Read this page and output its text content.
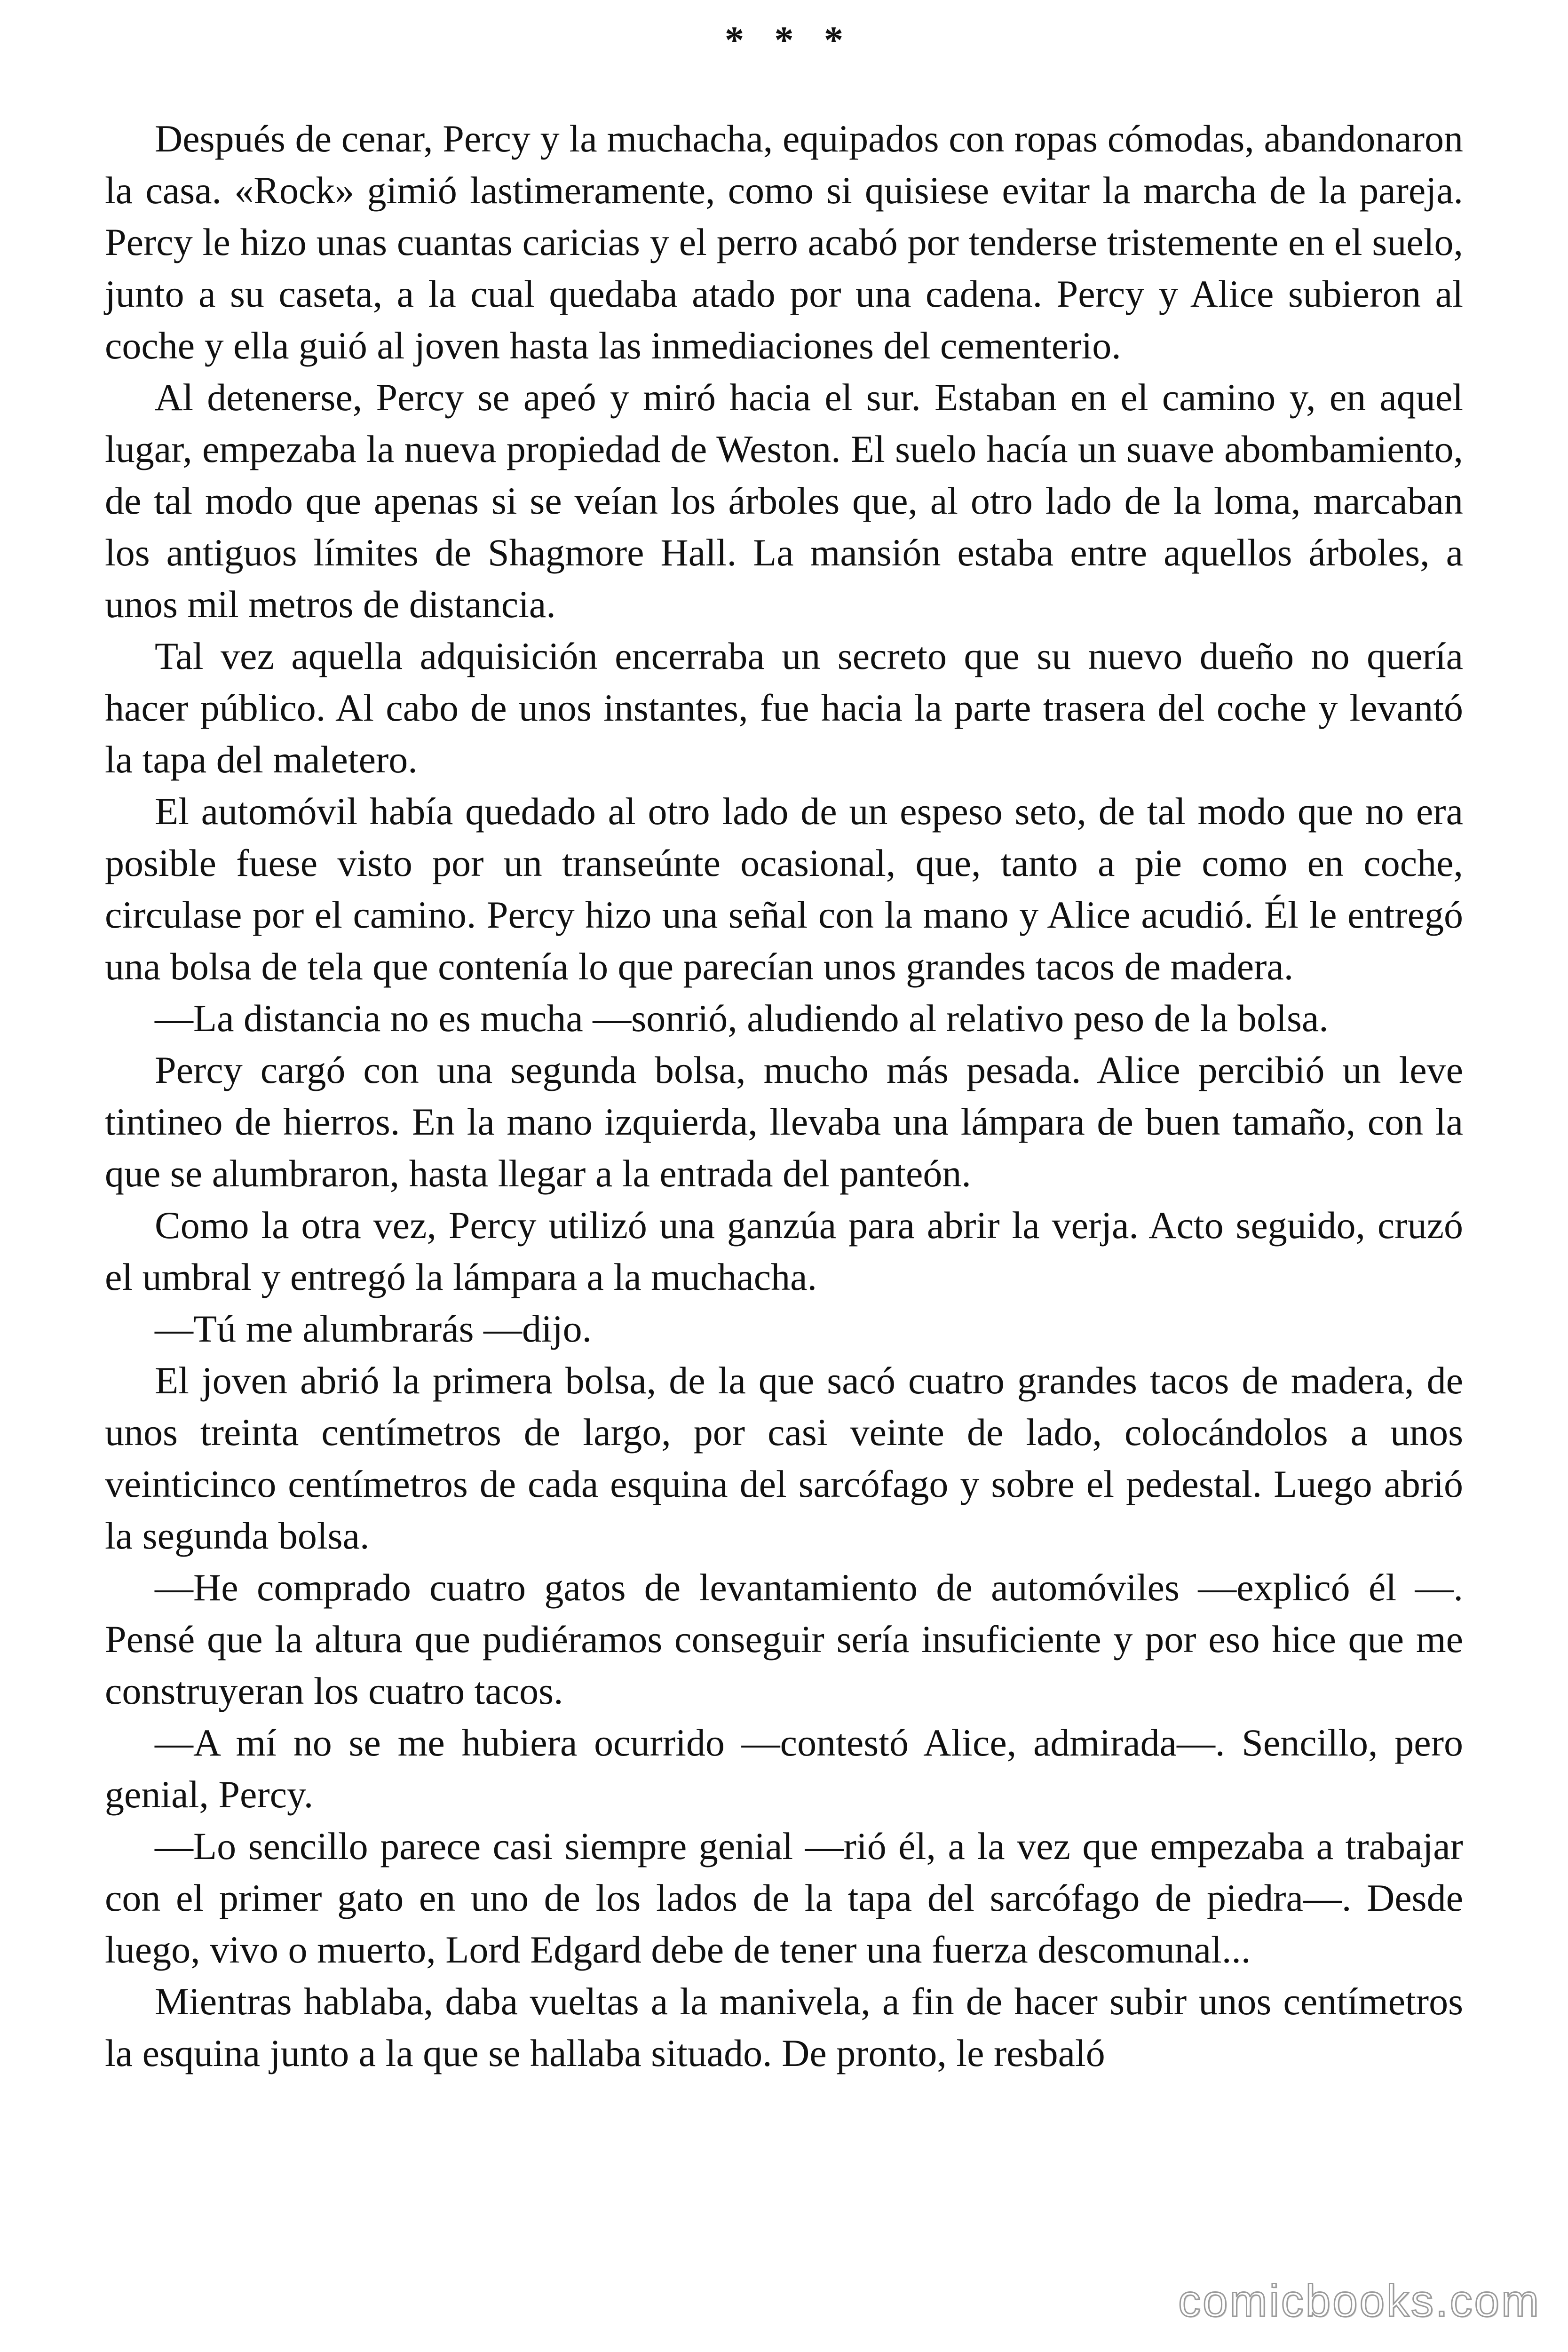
* * *

Después de cenar, Percy y la muchacha, equipados con ropas cómodas, abandonaron la casa. «Rock» gimió lastimeramente, como si quisiese evitar la marcha de la pareja. Percy le hizo unas cuantas caricias y el perro acabó por tenderse tristemente en el suelo, junto a su caseta, a la cual quedaba atado por una cadena. Percy y Alice subieron al coche y ella guió al joven hasta las inmediaciones del cementerio.

Al detenerse, Percy se apeó y miró hacia el sur. Estaban en el camino y, en aquel lugar, empezaba la nueva propiedad de Weston. El suelo hacía un suave abombamiento, de tal modo que apenas si se veían los árboles que, al otro lado de la loma, marcaban los antiguos límites de Shagmore Hall. La mansión estaba entre aquellos árboles, a unos mil metros de distancia.

Tal vez aquella adquisición encerraba un secreto que su nuevo dueño no quería hacer público. Al cabo de unos instantes, fue hacia la parte trasera del coche y levantó la tapa del maletero.

El automóvil había quedado al otro lado de un espeso seto, de tal modo que no era posible fuese visto por un transeúnte ocasional, que, tanto a pie como en coche, circulase por el camino. Percy hizo una señal con la mano y Alice acudió. Él le entregó una bolsa de tela que contenía lo que parecían unos grandes tacos de madera.

—La distancia no es mucha —sonrió, aludiendo al relativo peso de la bolsa.

Percy cargó con una segunda bolsa, mucho más pesada. Alice percibió un leve tintineo de hierros. En la mano izquierda, llevaba una lámpara de buen tamaño, con la que se alumbraron, hasta llegar a la entrada del panteón.

Como la otra vez, Percy utilizó una ganzúa para abrir la verja. Acto seguido, cruzó el umbral y entregó la lámpara a la muchacha.

—Tú me alumbrarás —dijo.

El joven abrió la primera bolsa, de la que sacó cuatro grandes tacos de madera, de unos treinta centímetros de largo, por casi veinte de lado, colocándolos a unos veinticinco centímetros de cada esquina del sarcófago y sobre el pedestal. Luego abrió la segunda bolsa.

—He comprado cuatro gatos de levantamiento de automóviles —explicó él —. Pensé que la altura que pudiéramos conseguir sería insuficiente y por eso hice que me construyeran los cuatro tacos.

—A mí no se me hubiera ocurrido —contestó Alice, admirada—. Sencillo, pero genial, Percy.

—Lo sencillo parece casi siempre genial —rió él, a la vez que empezaba a trabajar con el primer gato en uno de los lados de la tapa del sarcófago de piedra—. Desde luego, vivo o muerto, Lord Edgard debe de tener una fuerza descomunal...

Mientras hablaba, daba vueltas a la manivela, a fin de hacer subir unos centímetros la esquina junto a la que se hallaba situado. De pronto, le resbaló

comicbooks.com
